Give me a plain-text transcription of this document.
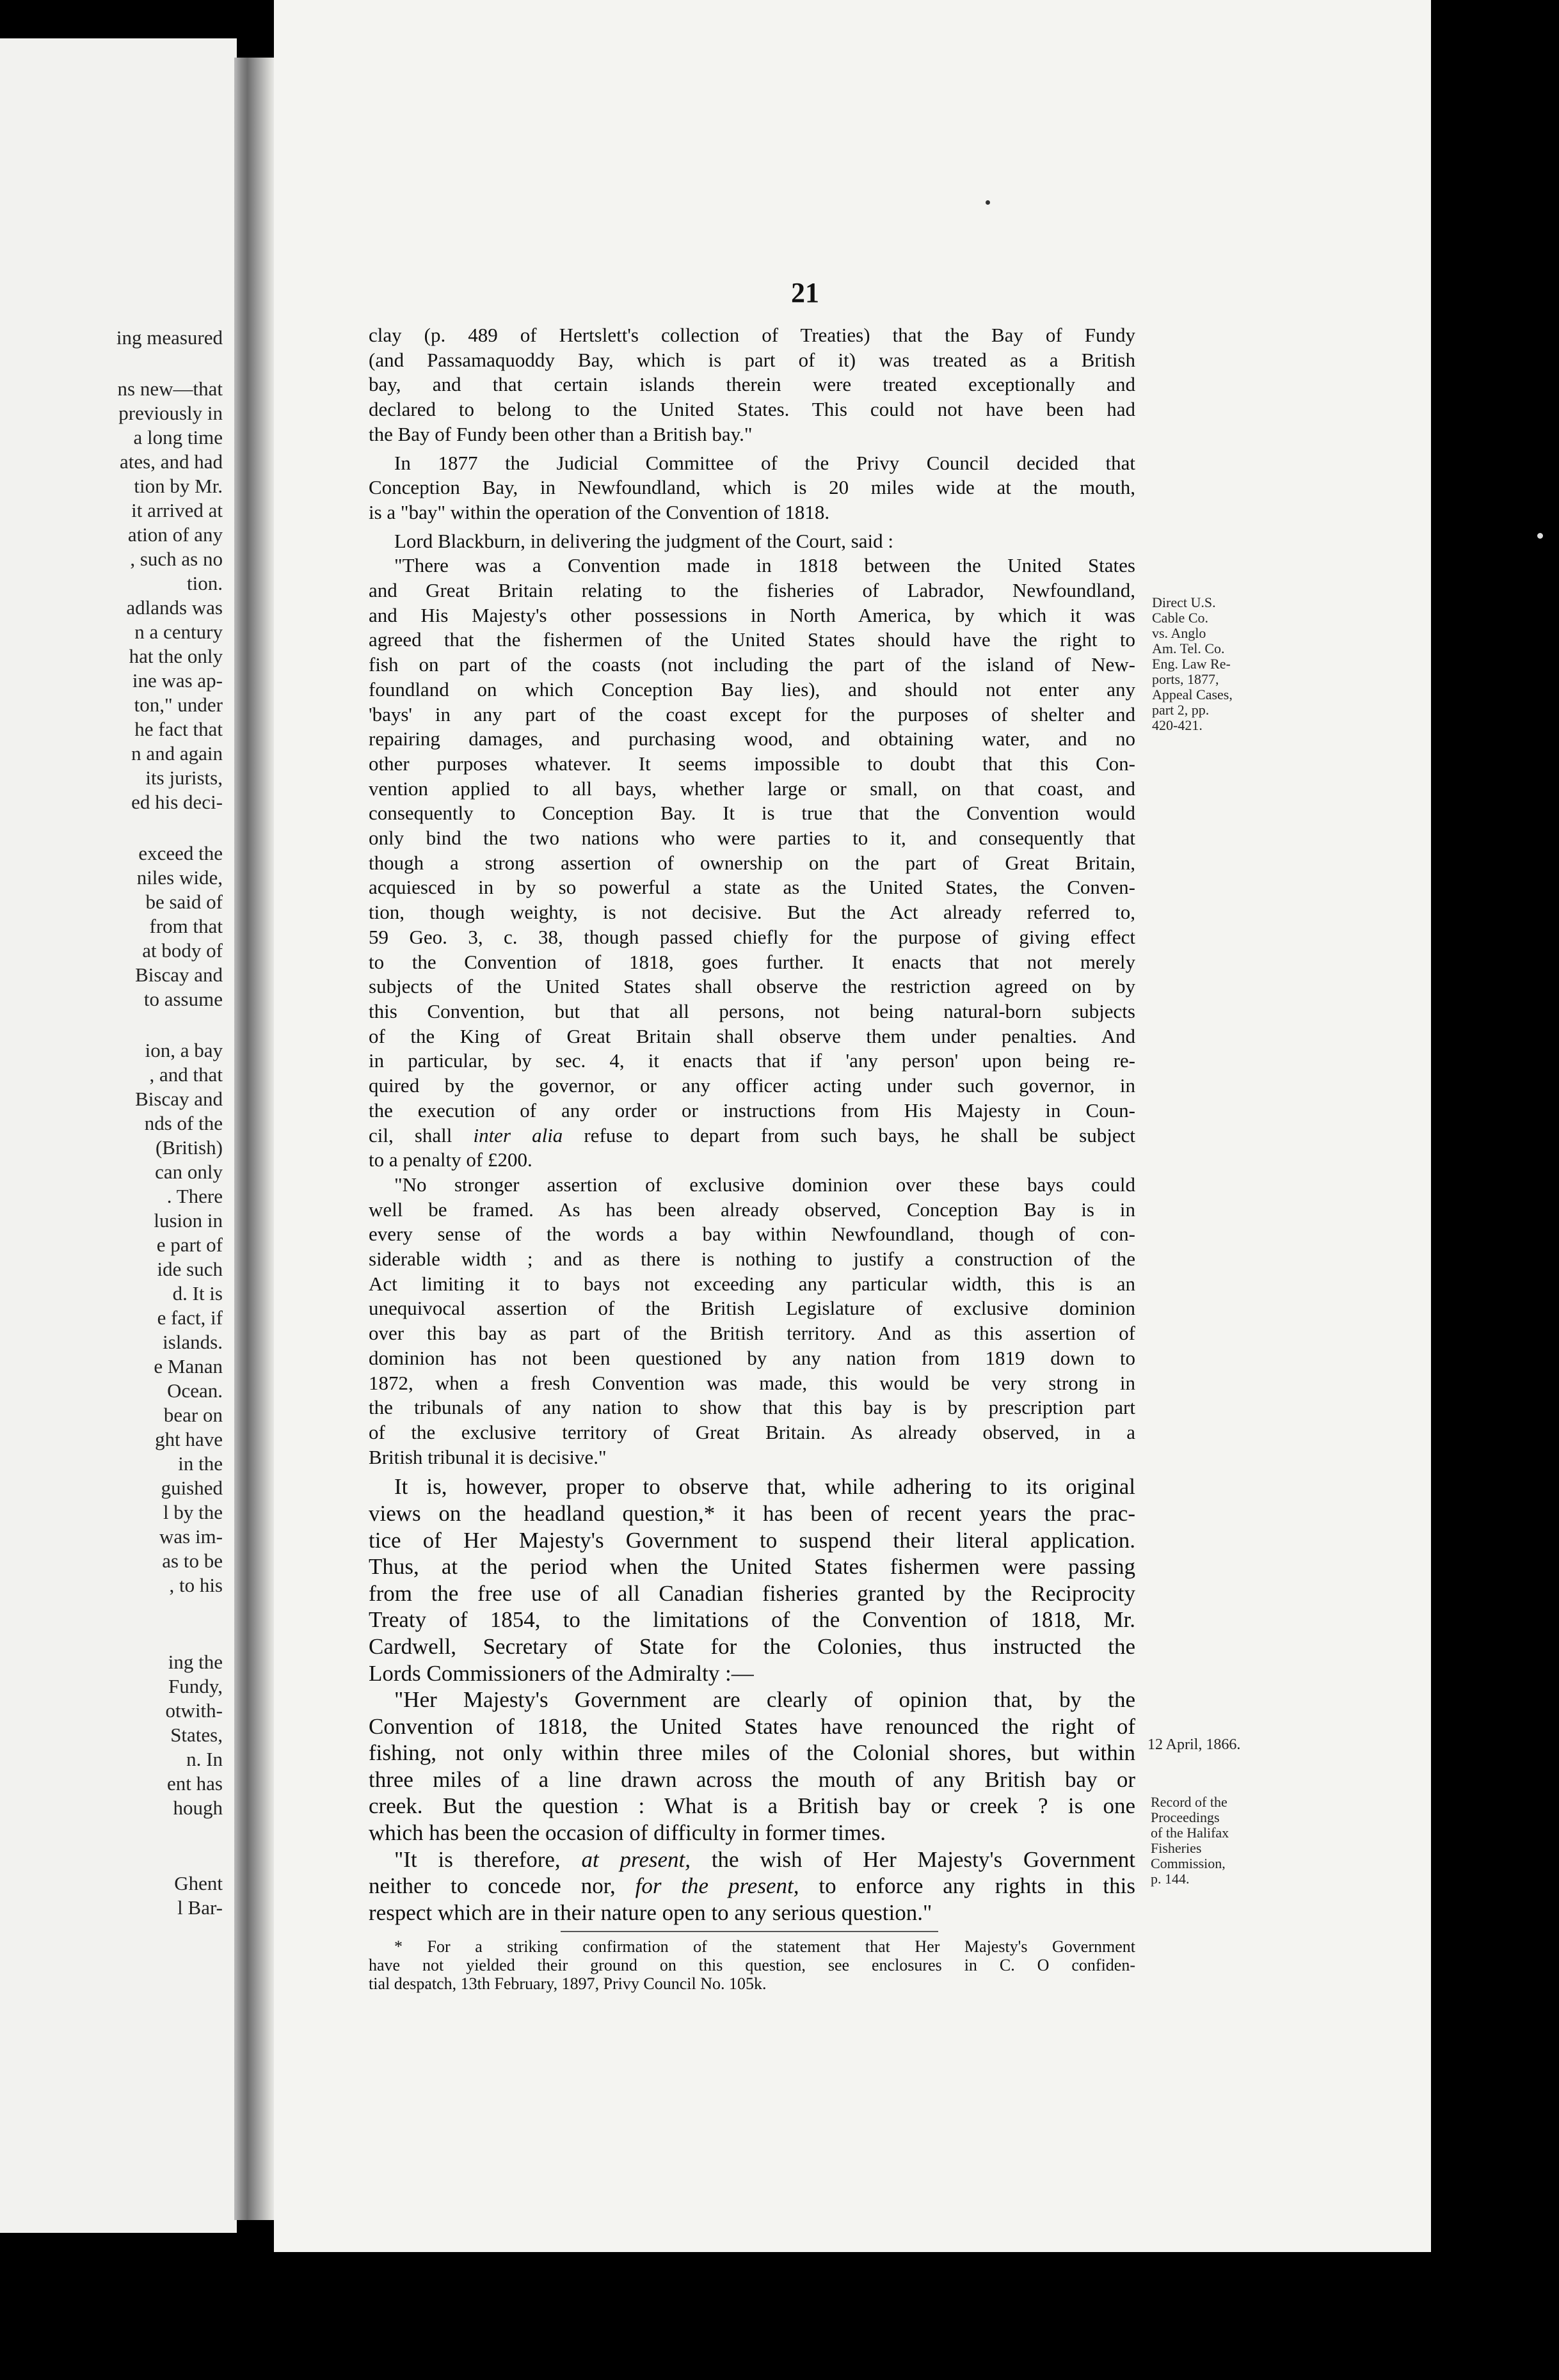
ing measured
ns new—that
previously in
a long time
ates, and had
tion by Mr.
it arrived at
ation of any
, such as no
tion.
adlands was
n a century
hat the only
ine was ap-
ton," under
he fact that
n and again
its jurists,
ed his deci-
exceed the
niles wide,
be said of
from that
at body of
Biscay and
to assume
ion, a bay
, and that
Biscay and
nds of the
(British)
can only
. There
lusion in
e part of
ide such
d. It is
e fact, if
islands.
e Manan
Ocean.
bear on
ght have
in the
guished
l by the
was im-
as to be
, to his
ing the
Fundy,
otwith-
States,
n. In
ent has
hough
Ghent
l Bar-
21
clay (p. 489 of Hertslett's collection of Treaties) that the Bay of Fundy
(and Passamaquoddy Bay, which is part of it) was treated as a British
bay, and that certain islands therein were treated exceptionally and
declared to belong to the United States. This could not have been had
the Bay of Fundy been other than a British bay."
In 1877 the Judicial Committee of the Privy Council decided that
Conception Bay, in Newfoundland, which is 20 miles wide at the mouth,
is a "bay" within the operation of the Convention of 1818.
Lord Blackburn, in delivering the judgment of the Court, said :
"There was a Convention made in 1818 between the United States
and Great Britain relating to the fisheries of Labrador, Newfoundland,
and His Majesty's other possessions in North America, by which it was
agreed that the fishermen of the United States should have the right to
fish on part of the coasts (not including the part of the island of New-
foundland on which Conception Bay lies), and should not enter any
'bays' in any part of the coast except for the purposes of shelter and
repairing damages, and purchasing wood, and obtaining water, and no
other purposes whatever. It seems impossible to doubt that this Con-
vention applied to all bays, whether large or small, on that coast, and
consequently to Conception Bay. It is true that the Convention would
only bind the two nations who were parties to it, and consequently that
though a strong assertion of ownership on the part of Great Britain,
acquiesced in by so powerful a state as the United States, the Conven-
tion, though weighty, is not decisive. But the Act already referred to,
59 Geo. 3, c. 38, though passed chiefly for the purpose of giving effect
to the Convention of 1818, goes further. It enacts that not merely
subjects of the United States shall observe the restriction agreed on by
this Convention, but that all persons, not being natural-born subjects
of the King of Great Britain shall observe them under penalties. And
in particular, by sec. 4, it enacts that if 'any person' upon being re-
quired by the governor, or any officer acting under such governor, in
the execution of any order or instructions from His Majesty in Coun-
cil, shall inter alia refuse to depart from such bays, he shall be subject
to a penalty of £200.
"No stronger assertion of exclusive dominion over these bays could
well be framed. As has been already observed, Conception Bay is in
every sense of the words a bay within Newfoundland, though of con-
siderable width ; and as there is nothing to justify a construction of the
Act limiting it to bays not exceeding any particular width, this is an
unequivocal assertion of the British Legislature of exclusive dominion
over this bay as part of the British territory. And as this assertion of
dominion has not been questioned by any nation from 1819 down to
1872, when a fresh Convention was made, this would be very strong in
the tribunals of any nation to show that this bay is by prescription part
of the exclusive territory of Great Britain. As already observed, in a
British tribunal it is decisive."
It is, however, proper to observe that, while adhering to its original
views on the headland question,* it has been of recent years the prac-
tice of Her Majesty's Government to suspend their literal application.
Thus, at the period when the United States fishermen were passing
from the free use of all Canadian fisheries granted by the Reciprocity
Treaty of 1854, to the limitations of the Convention of 1818, Mr.
Cardwell, Secretary of State for the Colonies, thus instructed the
Lords Commissioners of the Admiralty :—
"Her Majesty's Government are clearly of opinion that, by the
Convention of 1818, the United States have renounced the right of
fishing, not only within three miles of the Colonial shores, but within
three miles of a line drawn across the mouth of any British bay or
creek. But the question : What is a British bay or creek ? is one
which has been the occasion of difficulty in former times.
"It is therefore, at present, the wish of Her Majesty's Government
neither to concede nor, for the present, to enforce any rights in this
respect which are in their nature open to any serious question."
* For a striking confirmation of the statement that Her Majesty's Government
have not yielded their ground on this question, see enclosures in C. O confiden-
tial despatch, 13th February, 1897, Privy Council No. 105k.
Direct U.S.
Cable Co.
vs. Anglo
Am. Tel. Co.
Eng. Law Re-
ports, 1877,
Appeal Cases,
part 2, pp.
420-421.
12 April, 1866.
Record of the
Proceedings
of the Halifax
Fisheries
Commission,
p. 144.
